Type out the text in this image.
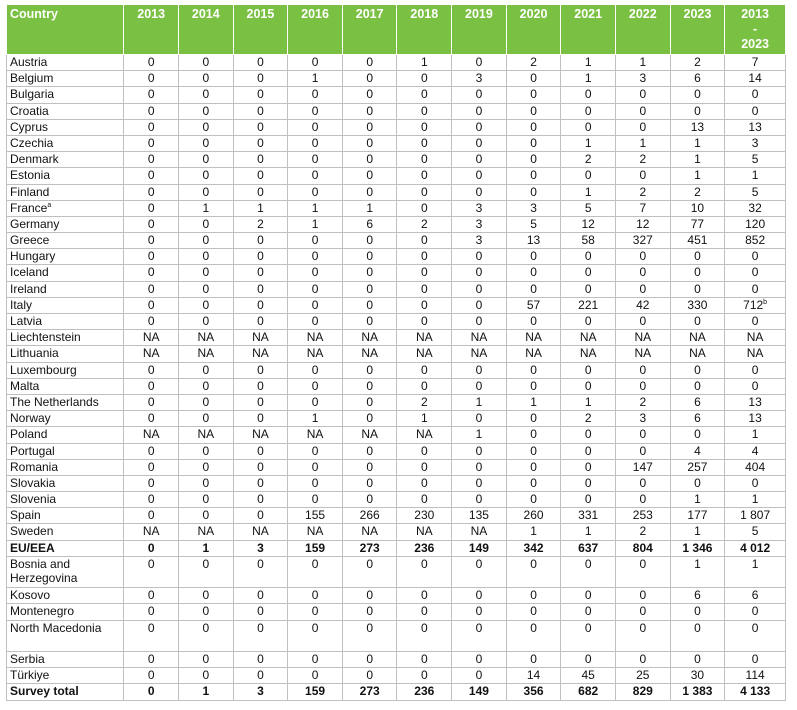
Country	2013	2014	2015	2016	2017	2018	2019	2020	2021	2022	2023	2013
-
2023
Austria	0	0	0	0	0	1	0	2	1	1	2	7
Belgium	0	0	0	1	0	0	3	0	1	3	6	14
Bulgaria	0	0	0	0	0	0	0	0	0	0	0	0
Croatia	0	0	0	0	0	0	0	0	0	0	0	0
Cyprus	0	0	0	0	0	0	0	0	0	0	13	13
Czechia	0	0	0	0	0	0	0	0	1	1	1	3
Denmark	0	0	0	0	0	0	0	0	2	2	1	5
Estonia	0	0	0	0	0	0	0	0	0	0	1	1
Finland	0	0	0	0	0	0	0	0	1	2	2	5
France$^a$	0	1	1	1	1	0	3	3	5	7	10	32
Germany	0	0	2	1	6	2	3	5	12	12	77	120
Greece	0	0	0	0	0	0	3	13	58	327	451	852
Hungary	0	0	0	0	0	0	0	0	0	0	0	0
Iceland	0	0	0	0	0	0	0	0	0	0	0	0
Ireland	0	0	0	0	0	0	0	0	0	0	0	0
Italy	0	0	0	0	0	0	0	57	221	42	330	712$^b$
Latvia	0	0	0	0	0	0	0	0	0	0	0	0
Liechtenstein	NA	NA	NA	NA	NA	NA	NA	NA	NA	NA	NA	NA
Lithuania	NA	NA	NA	NA	NA	NA	NA	NA	NA	NA	NA	NA
Luxembourg	0	0	0	0	0	0	0	0	0	0	0	0
Malta	0	0	0	0	0	0	0	0	0	0	0	0
The Netherlands	0	0	0	0	0	2	1	1	1	2	6	13
Norway	0	0	0	1	0	1	0	0	2	3	6	13
Poland	NA	NA	NA	NA	NA	NA	1	0	0	0	0	1
Portugal	0	0	0	0	0	0	0	0	0	0	4	4
Romania	0	0	0	0	0	0	0	0	0	147	257	404
Slovakia	0	0	0	0	0	0	0	0	0	0	0	0
Slovenia	0	0	0	0	0	0	0	0	0	0	1	1
Spain	0	0	0	155	266	230	135	260	331	253	177	1 807
Sweden	NA	NA	NA	NA	NA	NA	NA	1	1	2	1	5
EU/EEA	0	1	3	159	273	236	149	342	637	804	1 346	4 012
Bosnia and Herzegovina	0	0	0	0	0	0	0	0	0	0	1	1
Kosovo	0	0	0	0	0	0	0	0	0	0	6	6
Montenegro	0	0	0	0	0	0	0	0	0	0	0	0
North Macedonia	0	0	0	0	0	0	0	0	0	0	0	0
Serbia	0	0	0	0	0	0	0	0	0	0	0	0
Türkiye	0	0	0	0	0	0	0	14	45	25	30	114
Survey total	0	1	3	159	273	236	149	356	682	829	1 383	4 133
